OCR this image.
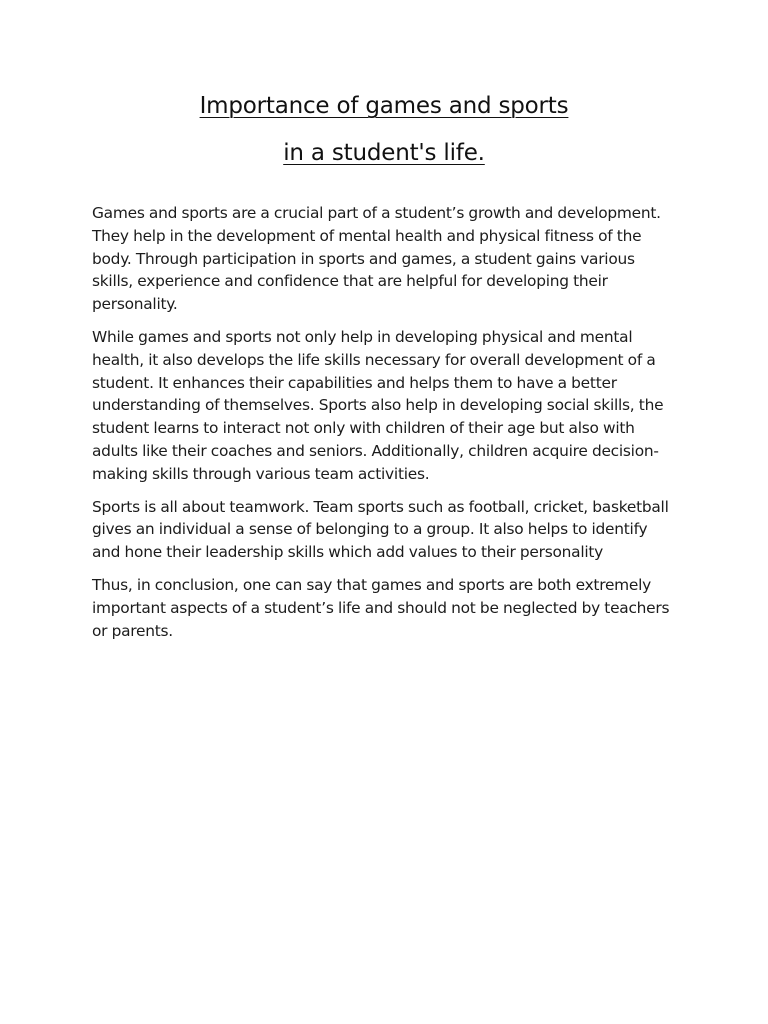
Importance of games and sports
in a student's life.

Games and sports are a crucial part of a student’s growth and development. They help in the development of mental health and physical fitness of the body. Through participation in sports and games, a student gains various skills, experience and confidence that are helpful for developing their personality.

While games and sports not only help in developing physical and mental health, it also develops the life skills necessary for overall development of a student. It enhances their capabilities and helps them to have a better understanding of themselves. Sports also help in developing social skills, the student learns to interact not only with children of their age but also with adults like their coaches and seniors. Additionally, children acquire decision-making skills through various team activities.

Sports is all about teamwork. Team sports such as football, cricket, basketball gives an individual a sense of belonging to a group. It also helps to identify and hone their leadership skills which add values to their personality

Thus, in conclusion, one can say that games and sports are both extremely important aspects of a student’s life and should not be neglected by teachers or parents.
